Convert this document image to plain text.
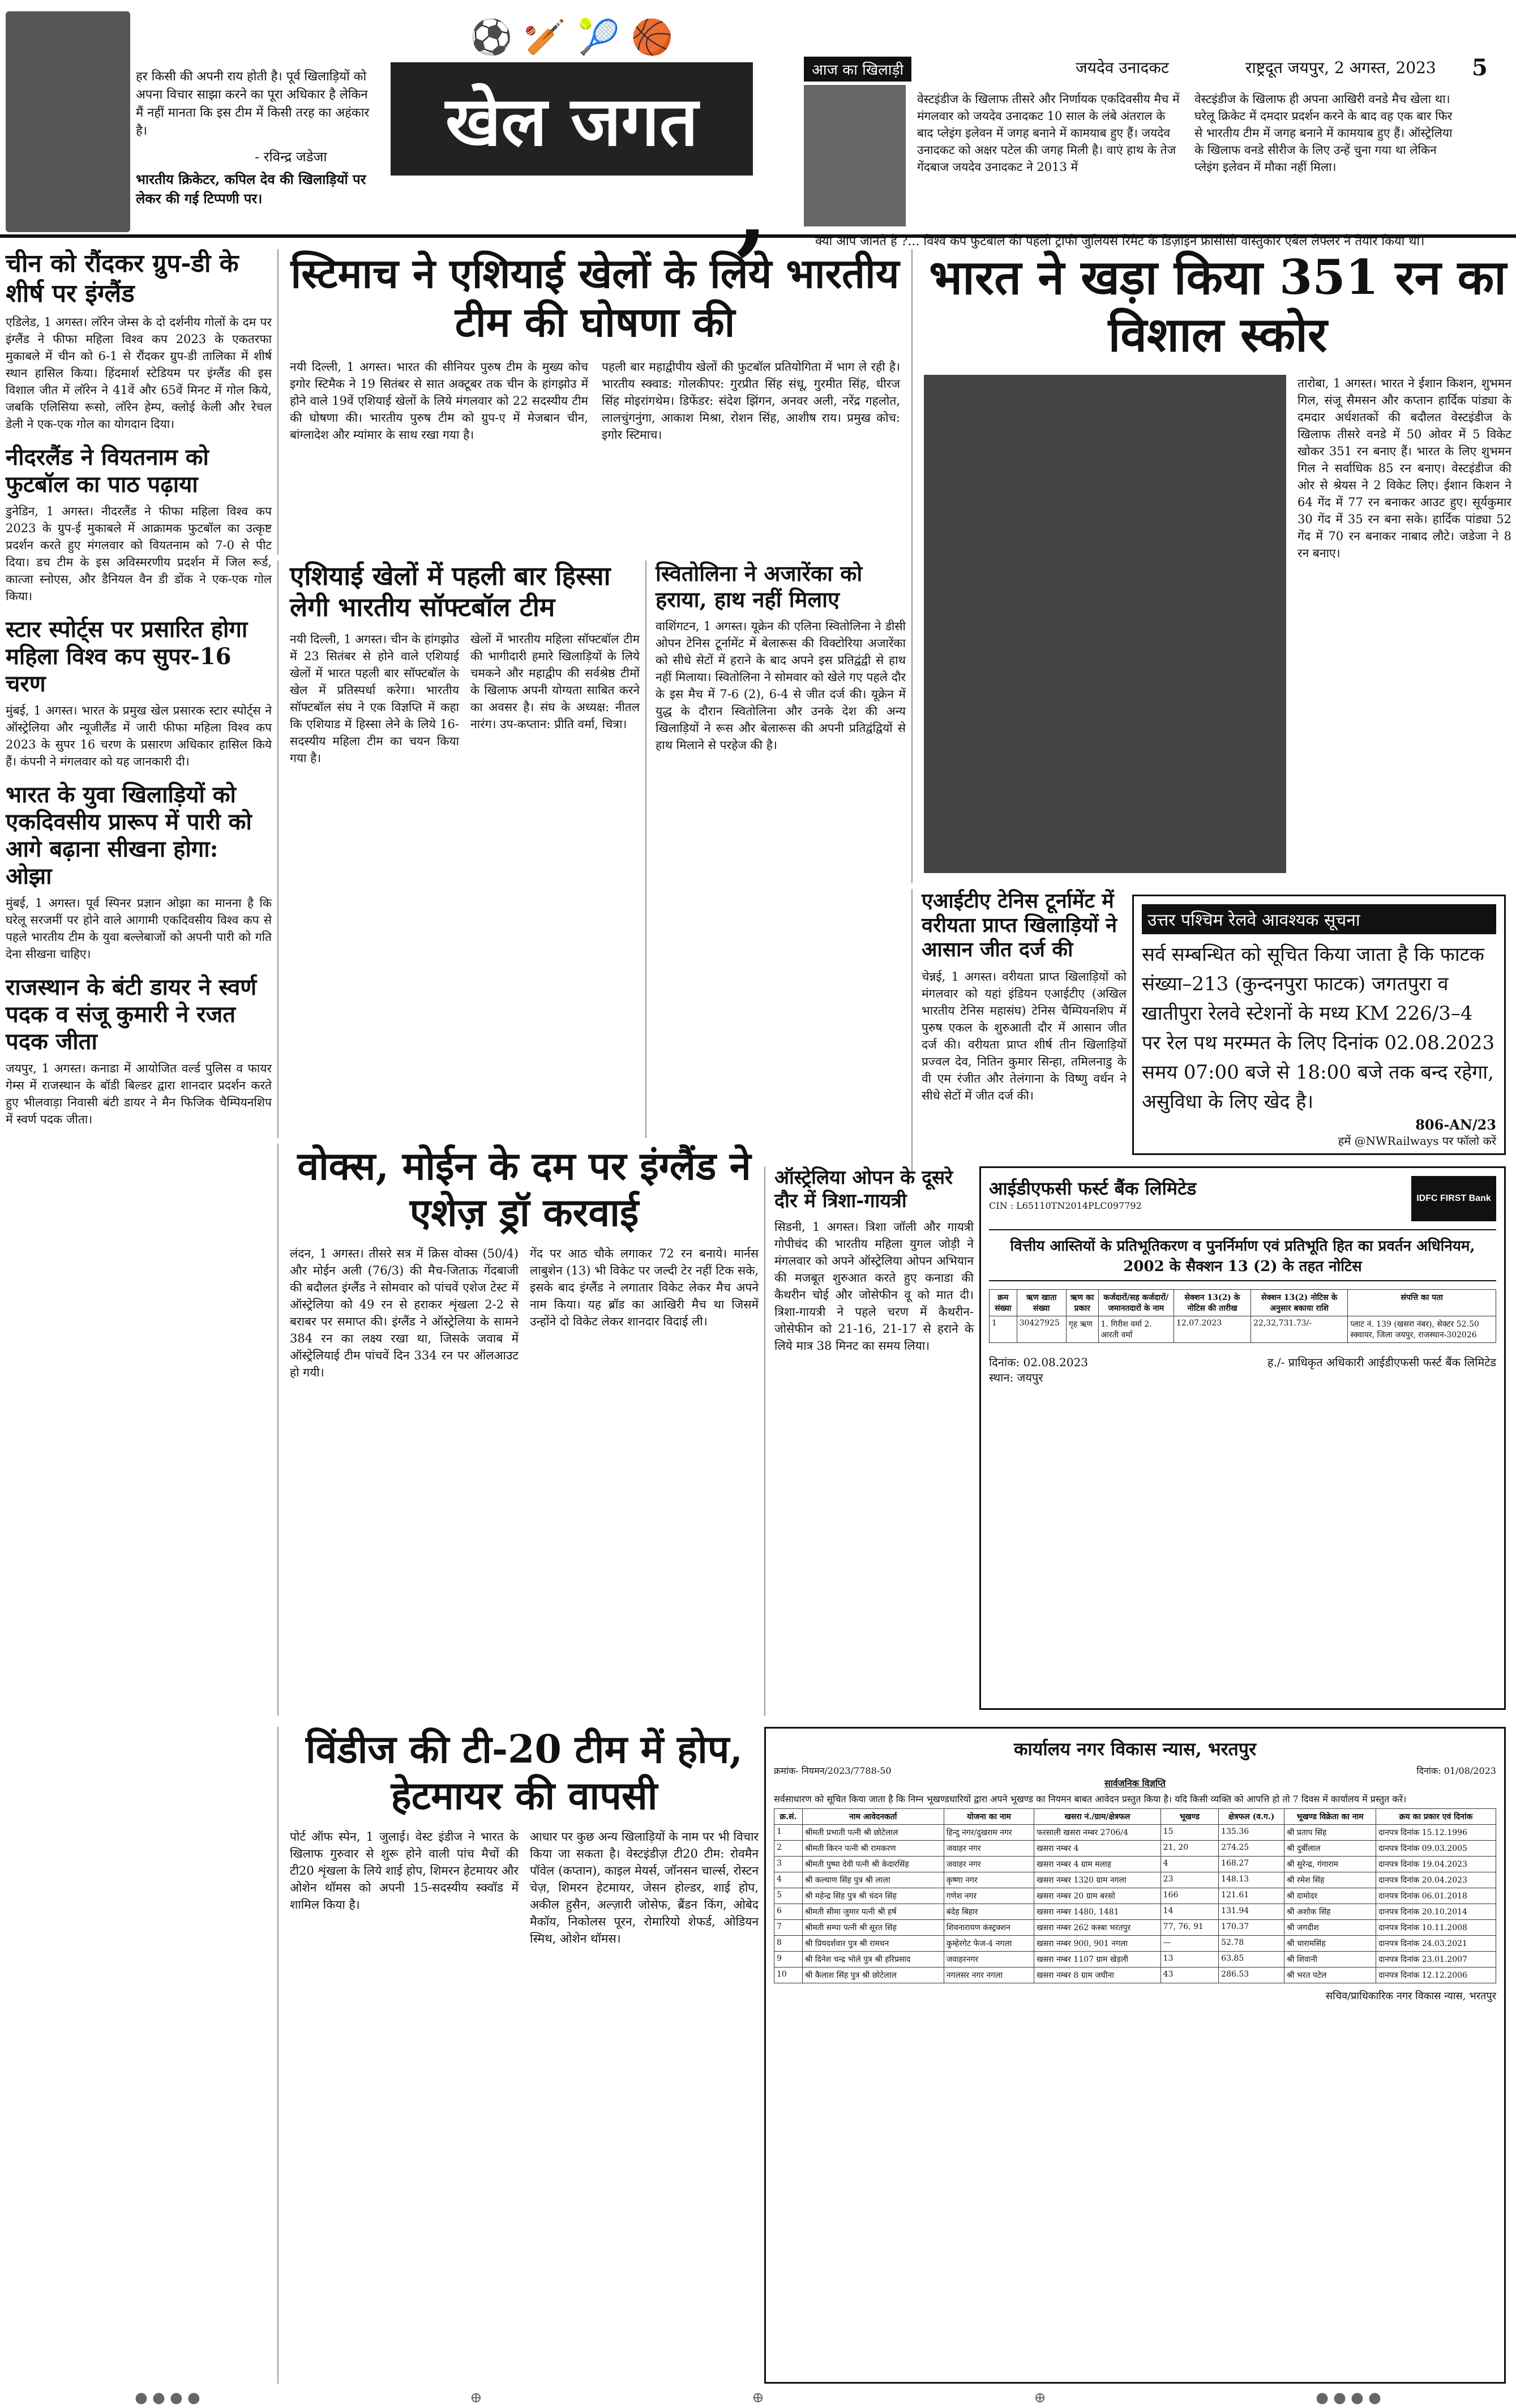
हर किसी की अपनी राय होती है। पूर्व खिलाड़ियों को अपना विचार साझा करने का पूरा अधिकार है लेकिन मैं नहीं मानता कि इस टीम में किसी तरह का अहंकार है।
- रविन्द्र जडेजा
भारतीय क्रिकेटर, कपिल देव की खिलाड़ियों पर लेकर की गई टिप्पणी पर।
⚽ 🏏 🎾 🏀
खेल जगत
,
आज का खिलाड़ी	जयदेव उनादकट	राष्ट्रदूत जयपुर, 2 अगस्त, 2023 5
वेस्टइंडीज के खिलाफ तीसरे और निर्णायक एकदिवसीय मैच में मंगलवार को जयदेव उनादकट 10 साल के लंबे अंतराल के बाद प्लेइंग इलेवन में जगह बनाने में कामयाब हुए हैं। जयदेव उनादकट को अक्षर पटेल की जगह मिली है। वाएं हाथ के तेज गेंदबाज जयदेव उनादकट ने 2013 में
वेस्टइंडीज के खिलाफ ही अपना आखिरी वनडे मैच खेला था। घरेलू क्रिकेट में दमदार प्रदर्शन करने के बाद वह एक बार फिर से भारतीय टीम में जगह बनाने में कामयाब हुए हैं। ऑस्ट्रेलिया के खिलाफ वनडे सीरीज के लिए उन्हें चुना गया था लेकिन प्लेइंग इलेवन में मौका नहीं मिला।
क्या आप जानते हैं ?... विश्व कप फुटबॉल की पहली ट्रॉफी जुलियस रिमेट के डिज़ाइन फ्रांसीसी वास्तुकार एबेल लेफ्लर ने तैयार किया था।
चीन को रौंदकर ग्रुप-डी के शीर्ष पर इंग्लैंड
एडिलेड, 1 अगस्त। लॉरेन जेम्स के दो दर्शनीय गोलों के दम पर इंग्लैंड ने फीफा महिला विश्व कप 2023 के एकतरफा मुकाबले में चीन को 6-1 से रौंदकर ग्रुप-डी तालिका में शीर्ष स्थान हासिल किया। हिंदमार्श स्टेडियम पर इंग्लैंड की इस विशाल जीत में लॉरेन ने 41वें और 65वें मिनट में गोल किये, जबकि एलिसिया रूसो, लॉरेन हेम्प, क्लोई केली और रेचल डेली ने एक-एक गोल का योगदान दिया।
नीदरलैंड ने वियतनाम को फुटबॉल का पाठ पढ़ाया
डुनेडिन, 1 अगस्त। नीदरलैंड ने फीफा महिला विश्व कप 2023 के ग्रुप-ई मुकाबले में आक्रामक फुटबॉल का उत्कृष्ट प्रदर्शन करते हुए मंगलवार को वियतनाम को 7-0 से पीट दिया। डच टीम के इस अविस्मरणीय प्रदर्शन में जिल रूर्ड, कात्जा स्नोएस, और डैनियल वैन डी डोंक ने एक-एक गोल किया।
स्टार स्पोर्ट्स पर प्रसारित होगा महिला विश्व कप सुपर-16 चरण
मुंबई, 1 अगस्त। भारत के प्रमुख खेल प्रसारक स्टार स्पोर्ट्स ने ऑस्ट्रेलिया और न्यूजीलैंड में जारी फीफा महिला विश्व कप 2023 के सुपर 16 चरण के प्रसारण अधिकार हासिल किये हैं। कंपनी ने मंगलवार को यह जानकारी दी।
भारत के युवा खिलाड़ियों को एकदिवसीय प्रारूप में पारी को आगे बढ़ाना सीखना होगा: ओझा
मुंबई, 1 अगस्त। पूर्व स्पिनर प्रज्ञान ओझा का मानना है कि घरेलू सरजमीं पर होने वाले आगामी एकदिवसीय विश्व कप से पहले भारतीय टीम के युवा बल्लेबाजों को अपनी पारी को गति देना सीखना चाहिए।
राजस्थान के बंटी डायर ने स्वर्ण पदक व संजू कुमारी ने रजत पदक जीता
जयपुर, 1 अगस्त। कनाडा में आयोजित वर्ल्ड पुलिस व फायर गेम्स में राजस्थान के बॉडी बिल्डर द्वारा शानदार प्रदर्शन करते हुए भीलवाड़ा निवासी बंटी डायर ने मैन फिजिक चैम्पियनशिप में स्वर्ण पदक जीता।
स्टिमाच ने एशियाई खेलों के लिये भारतीय टीम की घोषणा की
नयी दिल्ली, 1 अगस्त। भारत की सीनियर पुरुष टीम के मुख्य कोच इगोर स्टिमैक ने 19 सितंबर से सात अक्टूबर तक चीन के हांगझोउ में होने वाले 19वें एशियाई खेलों के लिये मंगलवार को 22 सदस्यीय टीम की घोषणा की। भारतीय पुरुष टीम को ग्रुप-ए में मेजबान चीन, बांग्लादेश और म्यांमार के साथ रखा गया है।
पहली बार महाद्वीपीय खेलों की फुटबॉल प्रतियोगिता में भाग ले रही है। भारतीय स्क्वाड: गोलकीपर: गुरप्रीत सिंह संधू, गुरमीत सिंह, धीरज सिंह मोइरांगथेम। डिफेंडर: संदेश झिंगन, अनवर अली, नरेंद्र गहलोत, लालचुंगनुंगा, आकाश मिश्रा, रोशन सिंह, आशीष राय। प्रमुख कोच: इगोर स्टिमाच।
एशियाई खेलों में पहली बार हिस्सा लेगी भारतीय सॉफ्टबॉल टीम
नयी दिल्ली, 1 अगस्त। चीन के हांगझोउ में 23 सितंबर से होने वाले एशियाई खेलों में भारत पहली बार सॉफ्टबॉल के खेल में प्रतिस्पर्धा करेगा। भारतीय सॉफ्टबॉल संघ ने एक विज्ञप्ति में कहा कि एशियाड में हिस्सा लेने के लिये 16-सदस्यीय महिला टीम का चयन किया गया है।
खेलों में भारतीय महिला सॉफ्टबॉल टीम की भागीदारी हमारे खिलाड़ियों के लिये चमकने और महाद्वीप की सर्वश्रेष्ठ टीमों के खिलाफ अपनी योग्यता साबित करने का अवसर है। संघ के अध्यक्ष: नीतल नारंग। उप-कप्तान: प्रीति वर्मा, चित्रा।
स्वितोलिना ने अजारेंका को हराया, हाथ नहीं मिलाए
वाशिंगटन, 1 अगस्त। यूक्रेन की एलिना स्वितोलिना ने डीसी ओपन टेनिस टूर्नामेंट में बेलारूस की विक्टोरिया अजारेंका को सीधे सेटों में हराने के बाद अपने इस प्रतिद्वंद्वी से हाथ नहीं मिलाया। स्वितोलिना ने सोमवार को खेले गए पहले दौर के इस मैच में 7-6 (2), 6-4 से जीत दर्ज की। यूक्रेन में युद्ध के दौरान स्वितोलिना और उनके देश की अन्य खिलाड़ियों ने रूस और बेलारूस की अपनी प्रतिद्वंद्वियों से हाथ मिलाने से परहेज की है।
भारत ने खड़ा किया 351 रन का विशाल स्कोर
तारोबा, 1 अगस्त। भारत ने ईशान किशन, शुभमन गिल, संजू सैमसन और कप्तान हार्दिक पांड्या के दमदार अर्धशतकों की बदौलत वेस्टइंडीज के खिलाफ तीसरे वनडे में 50 ओवर में 5 विकेट खोकर 351 रन बनाए हैं। भारत के लिए शुभमन गिल ने सर्वाधिक 85 रन बनाए। वेस्टइंडीज की ओर से श्रेयस ने 2 विकेट लिए। ईशान किशन ने 64 गेंद में 77 रन बनाकर आउट हुए। सूर्यकुमार 30 गेंद में 35 रन बना सके। हार्दिक पांड्या 52 गेंद में 70 रन बनाकर नाबाद लौटे। जडेजा ने 8 रन बनाए।
एआईटीए टेनिस टूर्नामेंट में वरीयता प्राप्त खिलाड़ियों ने आसान जीत दर्ज की
चेन्नई, 1 अगस्त। वरीयता प्राप्त खिलाड़ियों को मंगलवार को यहां इंडियन एआईटीए (अखिल भारतीय टेनिस महासंघ) टेनिस चैम्पियनशिप में पुरुष एकल के शुरुआती दौर में आसान जीत दर्ज की। वरीयता प्राप्त शीर्ष तीन खिलाड़ियों प्रज्वल देव, नितिन कुमार सिन्हा, तमिलनाडु के वी एम रंजीत और तेलंगाना के विष्णु वर्धन ने सीधे सेटों में जीत दर्ज की।
उत्तर पश्चिम रेलवे आवश्यक सूचना
सर्व सम्बन्धित को सूचित किया जाता है कि फाटक संख्या–213 (कुन्दनपुरा फाटक) जगतपुरा व खातीपुरा रेलवे स्टेशनों के मध्य KM 226/3–4 पर रेल पथ मरम्मत के लिए दिनांक 02.08.2023 समय 07:00 बजे से 18:00 बजे तक बन्द रहेगा, असुविधा के लिए खेद है।
806-AN/23
हमें @NWRailways पर फॉलो करें
वोक्स, मोईन के दम पर इंग्लैंड ने एशेज़ ड्रॉ करवाई
लंदन, 1 अगस्त। तीसरे सत्र में क्रिस वोक्स (50/4) और मोईन अली (76/3) की मैच-जिताऊ गेंदबाजी की बदौलत इंग्लैंड ने सोमवार को पांचवें एशेज टेस्ट में ऑस्ट्रेलिया को 49 रन से हराकर शृंखला 2-2 से बराबर पर समाप्त की। इंग्लैंड ने ऑस्ट्रेलिया के सामने 384 रन का लक्ष्य रखा था, जिसके जवाब में ऑस्ट्रेलियाई टीम पांचवें दिन 334 रन पर ऑलआउट हो गयी।
गेंद पर आठ चौके लगाकर 72 रन बनाये। मार्नस लाबुशेन (13) भी विकेट पर जल्दी टेर नहीं टिक सके, इसके बाद इंग्लैंड ने लगातार विकेट लेकर मैच अपने नाम किया। यह ब्रॉड का आखिरी मैच था जिसमें उन्होंने दो विकेट लेकर शानदार विदाई ली।
ऑस्ट्रेलिया ओपन के दूसरे दौर में त्रिशा-गायत्री
सिडनी, 1 अगस्त। त्रिशा जॉली और गायत्री गोपीचंद की भारतीय महिला युगल जोड़ी ने मंगलवार को अपने ऑस्ट्रेलिया ओपन अभियान की मजबूत शुरुआत करते हुए कनाडा की कैथरीन चोई और जोसेफीन वू को मात दी। त्रिशा-गायत्री ने पहले चरण में कैथरीन-जोसेफीन को 21-16, 21-17 से हराने के लिये मात्र 38 मिनट का समय लिया।
आईडीएफसी फर्स्ट बैंक लिमिटेड
CIN : L65110TN2014PLC097792
IDFC FIRST Bank
वित्तीय आस्तियों के प्रतिभूतिकरण व पुनर्निर्माण एवं प्रतिभूति हित का प्रवर्तन अधिनियम, 2002 के सैक्शन 13 (2) के तहत नोटिस
क्रम संख्या	ऋण खाता संख्या	ऋण का प्रकार	कर्जदारों/सह कर्जदारों/जमानतदारों के नाम	सेक्शन 13(2) के नोटिस की तारीख	सेक्शन 13(2) नोटिस के अनुसार बकाया राशि	संपत्ति का पता
1	30427925	गृह ऋण	1. गिरीश वर्मा 2. आरती वर्मा	12.07.2023	22,32,731.73/-	प्लाट नं. 139 (खसरा नंबर), सेक्टर 52.50 स्क्वायर, जिला जयपुर, राजस्थान-302026
दिनांक: 02.08.2023
स्थान: जयपुर
ह./- प्राधिकृत अधिकारी आईडीएफसी फर्स्ट बैंक लिमिटेड
विंडीज की टी-20 टीम में होप, हेटमायर की वापसी
पोर्ट ऑफ स्पेन, 1 जुलाई। वेस्ट इंडीज ने भारत के खिलाफ गुरुवार से शुरू होने वाली पांच मैचों की टी20 शृंखला के लिये शाई होप, शिमरन हेटमायर और ओशेन थॉमस को अपनी 15-सदस्यीय स्क्वॉड में शामिल किया है।
आधार पर कुछ अन्य खिलाड़ियों के नाम पर भी विचार किया जा सकता है। वेस्टइंडीज़ टी20 टीम: रोवमैन पॉवेल (कप्तान), काइल मेयर्स, जॉनसन चार्ल्स, रोस्टन चेज़, शिमरन हेटमायर, जेसन होल्डर, शाई होप, अकील हुसैन, अल्ज़ारी जोसेफ, ब्रैंडन किंग, ओबेद मैकॉय, निकोलस पूरन, रोमारियो शेफर्ड, ओडियन स्मिथ, ओशेन थॉमस।
कार्यालय नगर विकास न्यास, भरतपुर
क्रमांक- नियमन/2023/7788-50	दिनांक: 01/08/2023
सार्वजनिक विज्ञप्ति
सर्वसाधारण को सूचित किया जाता है कि निम्न भूखण्डधारियों द्वारा अपने भूखण्ड का नियमन बाबत आवेदन प्रस्तुत किया है। यदि किसी व्यक्ति को आपत्ति हो तो 7 दिवस में कार्यालय में प्रस्तुत करें।
क्र.सं.	नाम आवेदनकर्ता	योजना का नाम	खसरा नं./ग्राम/क्षेत्रफल	भूखण्ड	क्षेत्रफल (व.ग.)	भूखण्ड विक्रेता का नाम	क्रय का प्रकार एवं दिनांक
1	श्रीमती प्रभाती पत्नी श्री छोटेलाल	हिन्दु नगर/दुखराम नगर	फरसाली खसरा नम्बर 2706/4	15	135.36	श्री प्रताप सिंह	दानपत्र दिनांक 15.12.1996
2	श्रीमती किरन पत्नी श्री रामकरण	जवाहर नगर	खसरा नम्बर 4	21, 20	274.25	श्री दुर्बीलाल	दानपत्र दिनांक 09.03.2005
3	श्रीमती पुष्पा देवी पत्नी श्री केदारसिंह	जवाहर नगर	खसरा नम्बर 4 ग्राम मलाह	4	168.27	श्री सुरेन्द्र, गंगाराम	दानपत्र दिनांक 19.04.2023
4	श्री कल्याण सिंह पुत्र श्री लाला	कृष्णा नगर	खसरा नम्बर 1320 ग्राम नगला	23	148.13	श्री रमेश सिंह	दानपत्र दिनांक 20.04.2023
5	श्री महेन्द्र सिंह पुत्र श्री चंदन सिंह	गणेश नगर	खसरा नम्बर 20 ग्राम बरसो	166	121.61	श्री दामोदर	दानपत्र दिनांक 06.01.2018
6	श्रीमती सीमा जुमार पत्नी श्री हर्ष	बंदेह बिहार	खसरा नम्बर 1480, 1481	14	131.94	श्री अशोक सिंह	दानपत्र दिनांक 20.10.2014
7	श्रीमती सम्पा पत्नी श्री सूरत सिंह	शिवनारायण कंस्ट्रक्शन	खसरा नम्बर 262 कस्बा भरतपुर	77, 76, 91	170.37	श्री जगदीश	दानपत्र दिनांक 10.11.2008
8	श्री प्रियदर्शवार पुत्र श्री रामधन	कुम्हेरगेट फेज-4 नगला	खसरा नम्बर 900, 901 नगला	—	52.78	श्री चारामसिंह	दानपत्र दिनांक 24.03.2021
9	श्री दिनेश चन्द्र भोले पुत्र श्री हरिप्रसाद	जवाहरनगर	खसरा नम्बर 1107 ग्राम खेड़ली	13	63.85	श्री शिवानी	दानपत्र दिनांक 23.01.2007
10	श्री कैलाश सिंह पुत्र श्री छोटेलाल	नगलसर नगर नगला	खसरा नम्बर 8 ग्राम जघीना	43	286.53	श्री भरत पटेल	दानपत्र दिनांक 12.12.2006
सचिव/प्राधिकारिक नगर विकास न्यास, भरतपुर
● ● ● ●	⊕	⊕	⊕	● ● ● ●
